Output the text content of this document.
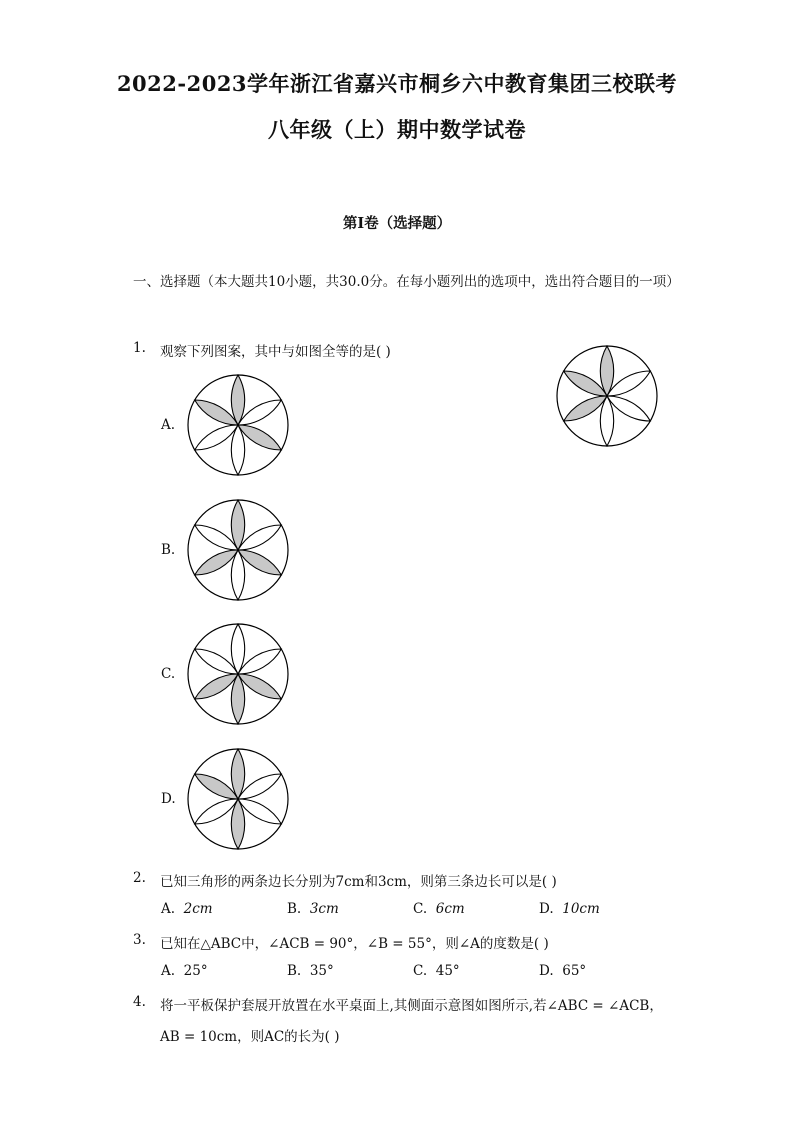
2022-2023学年浙江省嘉兴市桐乡六中教育集团三校联考
八年级（上）期中数学试卷
第I卷（选择题）
一、选择题（本大题共10小题，共30.0分。在每小题列出的选项中，选出符合题目的一项）
1. 观察下列图案，其中与如图全等的是( )
A.
B.
C.
D.
2. 已知三角形的两条边长分别为7cm和3cm，则第三条边长可以是( )
A. 2cm	B. 3cm	C. 6cm	D. 10cm
3. 已知在△ABC中，∠ACB = 90°，∠B = 55°，则∠A的度数是( )
A. 25°	B. 35°	C. 45°	D. 65°
4. 将一平板保护套展开放置在水平桌面上,其侧面示意图如图所示,若∠ABC = ∠ACB，
AB = 10cm，则AC的长为( )
